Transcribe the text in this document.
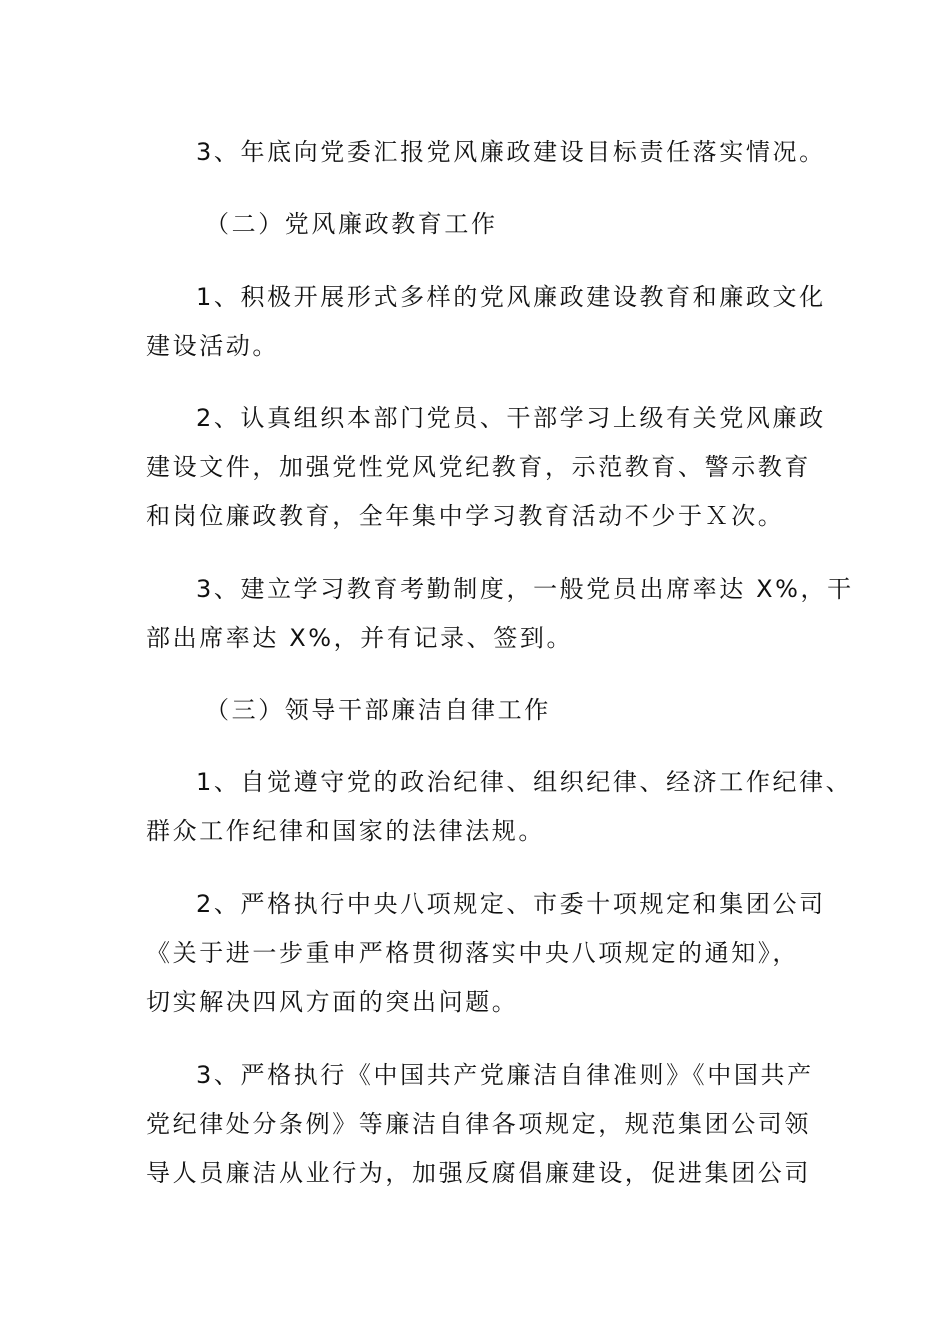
3、年底向党委汇报党风廉政建设目标责任落实情况。
（二）党风廉政教育工作
1、积极开展形式多样的党风廉政建设教育和廉政文化
建设活动。
2、认真组织本部门党员、干部学习上级有关党风廉政
建设文件，加强党性党风党纪教育，示范教育、警示教育
和岗位廉政教育，全年集中学习教育活动不少于Ｘ次。
3、建立学习教育考勤制度，一般党员出席率达 X%，干
部出席率达 X%，并有记录、签到。
（三）领导干部廉洁自律工作
1、自觉遵守党的政治纪律、组织纪律、经济工作纪律、
群众工作纪律和国家的法律法规。
2、严格执行中央八项规定、市委十项规定和集团公司
《关于进一步重申严格贯彻落实中央八项规定的通知》，
切实解决四风方面的突出问题。
3、严格执行《中国共产党廉洁自律准则》《中国共产
党纪律处分条例》等廉洁自律各项规定，规范集团公司领
导人员廉洁从业行为，加强反腐倡廉建设，促进集团公司
